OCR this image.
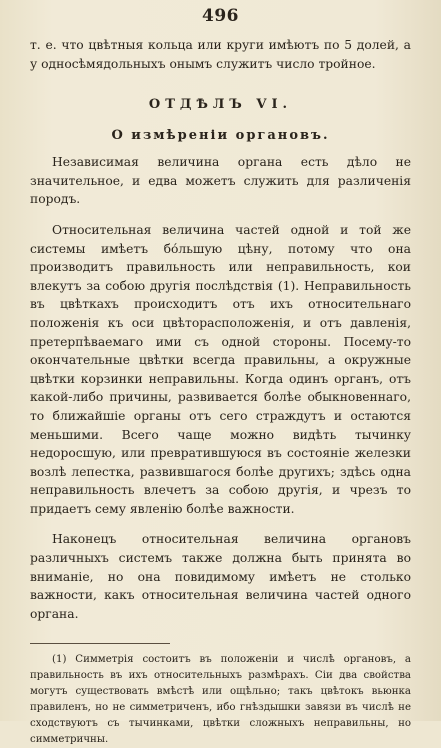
496

т. е. что цвѣтныя кольца или круги имѣютъ по 5 долей, а у односѣмядольныхъ онымъ служитъ число тройное.

ОТДѢЛЪ VI.
О измѣреніи органовъ.

Независимая величина органа есть дѣло не значительное, и едва можетъ служить для различенія породъ.

Относительная величина частей одной и той же системы имѣетъ бо́льшую цѣну, потому что она производитъ правильность или неправильность, кои влекутъ за собою другія послѣдствія (1). Неправильность въ цвѣткахъ происходитъ отъ ихъ относительнаго положенія къ оси цвѣторасположенія, и отъ давленія, претерпѣваемаго ими съ одной стороны. Посему-то окончательные цвѣтки всегда правильны, а окружные цвѣтки корзинки неправильны. Когда одинъ органъ, отъ какой-либо причины, развивается болѣе обыкновеннаго, то ближайшіе органы отъ сего страждутъ и остаются меньшими. Всего чаще можно видѣть тычинку недоросшую, или превратившуюся въ состояніе железки возлѣ лепестка, развившагося болѣе другихъ; здѣсь одна неправильность влечетъ за собою другія, и чрезъ то придаетъ сему явленію болѣе важности.

Наконецъ относительная величина органовъ различныхъ системъ также должна быть принята во вниманіе, но она повидимому имѣетъ не столько важности, какъ относительная величина частей одного органа.

(1) Симметрія состоитъ въ положеніи и числѣ органовъ, а правильность въ ихъ относительныхъ размѣрахъ. Сіи два свойства могутъ существовать вмѣстѣ или ощѣльно; такъ цвѣтокъ вьюнка правиленъ, но не симметриченъ, ибо гнѣздышки завязи въ числѣ не сходствуютъ съ тычинками, цвѣтки сложныхъ неправильны, но симметричны.
